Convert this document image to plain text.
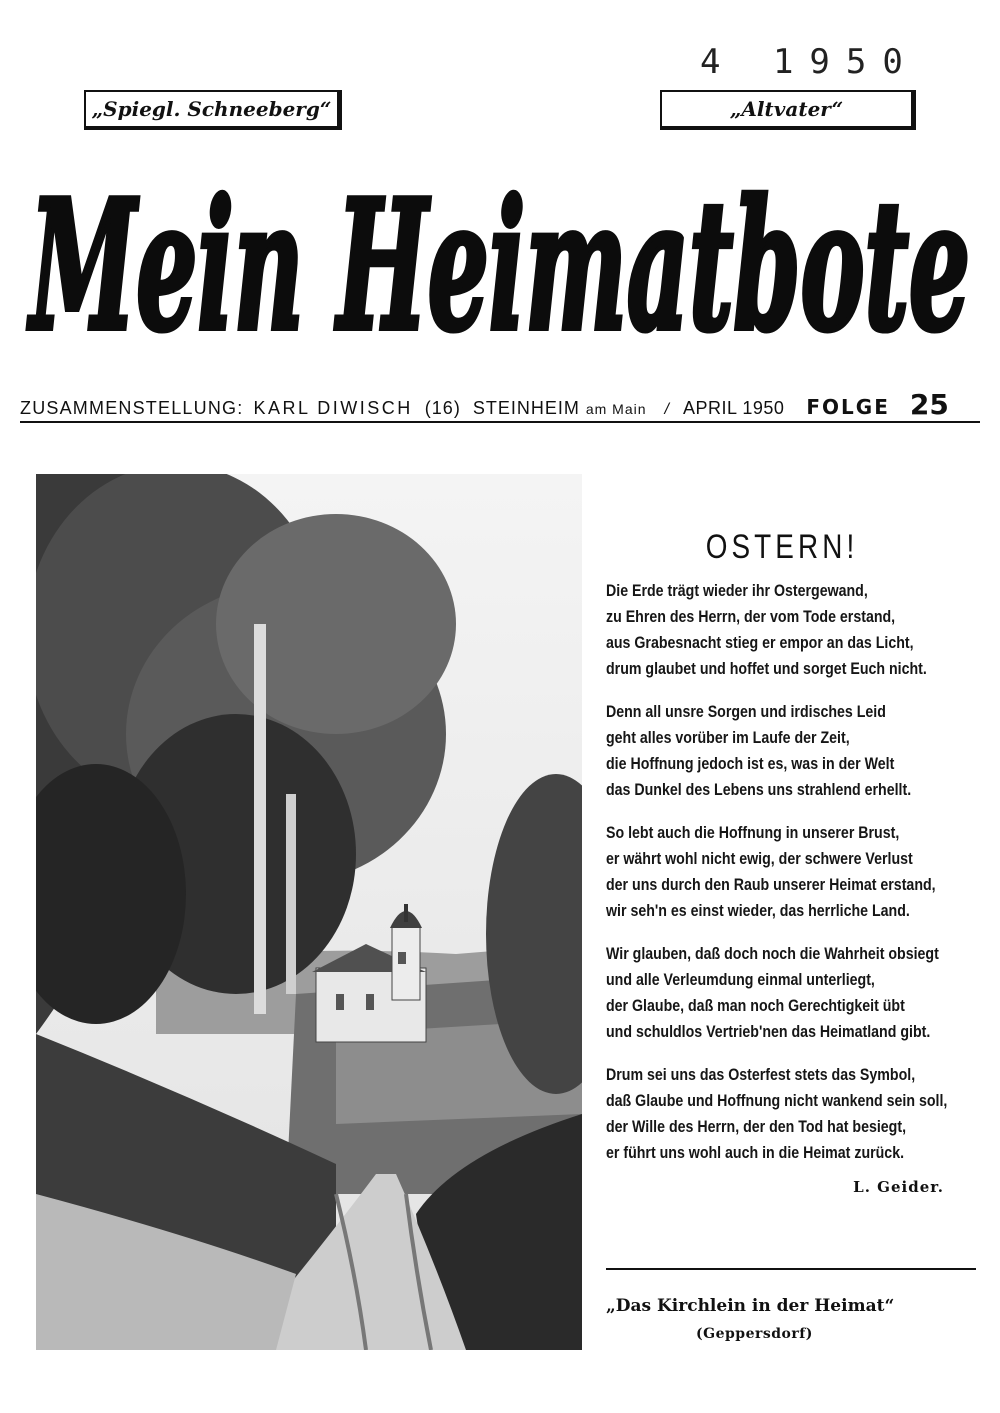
4 1950
„Spiegl. Schneeberg“	„Altvater“
Mein Heimatbote
ZUSAMMENSTELLUNG: KARL DIWISCH (16) STEINHEIM am Main / APRIL 1950 FOLGE 25
OSTERN!
Die Erde trägt wieder ihr Ostergewand,
zu Ehren des Herrn, der vom Tode erstand,
aus Grabesnacht stieg er empor an das Licht,
drum glaubet und hoffet und sorget Euch nicht.
Denn all unsre Sorgen und irdisches Leid
geht alles vorüber im Laufe der Zeit,
die Hoffnung jedoch ist es, was in der Welt
das Dunkel des Lebens uns strahlend erhellt.
So lebt auch die Hoffnung in unserer Brust,
er währt wohl nicht ewig, der schwere Verlust
der uns durch den Raub unserer Heimat erstand,
wir seh'n es einst wieder, das herrliche Land.
Wir glauben, daß doch noch die Wahrheit obsiegt
und alle Verleumdung einmal unterliegt,
der Glaube, daß man noch Gerechtigkeit übt
und schuldlos Vertrieb'nen das Heimatland gibt.
Drum sei uns das Osterfest stets das Symbol,
daß Glaube und Hoffnung nicht wankend sein soll,
der Wille des Herrn, der den Tod hat besiegt,
er führt uns wohl auch in die Heimat zurück.
L. Geider.
„Das Kirchlein in der Heimat“
(Geppersdorf)
